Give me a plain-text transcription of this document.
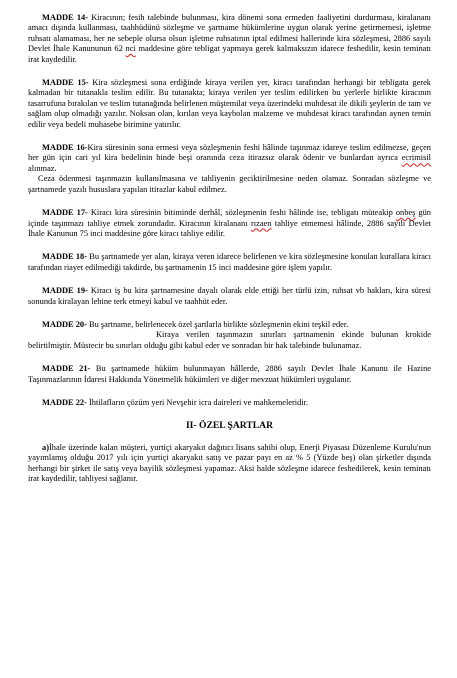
MADDE 14- Kiracının; fesih talebinde bulunması, kira dönemi sona ermeden faaliyetini durdurması, kiralananı amacı dışında kullanması, taahhüdünü sözleşme ve şartname hükümlerine uygun olarak yerine getirmemesi, işletme ruhsatı alamaması, her ne sebeple olursa olsun işletme ruhsatının iptal edilmesi hallerinde kira sözleşmesi, 2886 sayılı Devlet İhale Kanununun 62 nci maddesine göre tebligat yapmaya gerek kalmaksızın idarece feshedilir, kesin teminatı irat kaydedilir.

MADDE 15- Kira sözleşmesi sona erdiğinde kiraya verilen yer, kiracı tarafından herhangi bir tebligata gerek kalmadan bir tutanakla teslim edilir. Bu tutanakta; kiraya verilen yer teslim edilirken bu yerlerle birlikte kiracının tasarrufuna bırakılan ve teslim tutanağında belirlenen müştemilat veya üzerindeki muhdesat ile dikili şeylerin de tam ve sağlam olup olmadığı yazılır. Noksan olan, kırılan veya kaybolan malzeme ve muhdesat kiracı tarafından aynen temin edilir veya bedeli muhasebe birimine yatırılır.

MADDE 16-Kira süresinin sona ermesi veya sözleşmenin feshi hâlinde taşınmaz idareye teslim edilmezse, geçen her gün için cari yıl kira bedelinin binde beşi oranında ceza itirazsız olarak ödenir ve bunlardan ayrıca ecrimisil alınmaz.
Ceza ödenmesi taşınmazın kullanılmasına ve tahliyenin geciktirilmesine neden olamaz. Sonradan sözleşme ve şartnamede yazılı hususlara yapılan itirazlar kabul edilmez.

MADDE 17- Kiracı kira süresinin bitiminde derhâl, sözleşmenin feshi hâlinde ise, tebligatı müteakip onbeş gün içinde taşınmazı tahliye etmek zorundadır. Kiracının kiralananı rızaen tahliye etmemesi hâlinde, 2886 sayılı Devlet İhale Kanunun 75 inci maddesine göre kiracı tahliye edilir.

MADDE 18- Bu şartnamede yer alan, kiraya veren idarece belirlenen ve kira sözleşmesine konulan kurallara kiracı tarafından riayet edilmediği takdirde, bu şartnamenin 15 inci maddesine göre işlem yapılır.

MADDE 19- Kiracı iş bu kira şartnamesine dayalı olarak elde ettiği her türlü izin, ruhsat vb hakları, kira süresi sonunda kiralayan lehine terk etmeyi kabul ve taahhüt eder.

MADDE 20- Bu şartname, belirlenecek özel şartlarla birlikte sözleşmenin ekini teşkil eder.
Kiraya verilen taşınmazın sınırları şartnamenin ekinde bulunan krokide belirtilmiştir. Müstecir bu sınırları olduğu gibi kabul eder ve sonradan bir hak talebinde bulunamaz.

MADDE 21- Bu şartnamede hüküm bulunmayan hâllerde, 2886 sayılı Devlet İhale Kanunu ile Hazine Taşınmazlarının İdaresi Hakkında Yönetmelik hükümleri ve diğer mevzuat hükümleri uygulanır.

MADDE 22- İhtilafların çözüm yeri Nevşehir icra daireleri ve mahkemeleridir.

II- ÖZEL ŞARTLAR

a)İhale üzerinde kalan müşteri, yurtiçi akaryakıt dağıtıcı lisans sahibi olup, Enerji Piyasası Düzenleme Kurulu'nun yayımlamış olduğu 2017 yılı için yurtiçi akaryakıt satış ve pazar payı en az % 5 (Yüzde beş) olan şirketler dışında herhangi bir şirket ile satış veya bayilik sözleşmesi yapamaz. Aksi halde sözleşme idarece feshedilerek, kesin teminatı irat kaydedilir, tahliyesi sağlanır.
